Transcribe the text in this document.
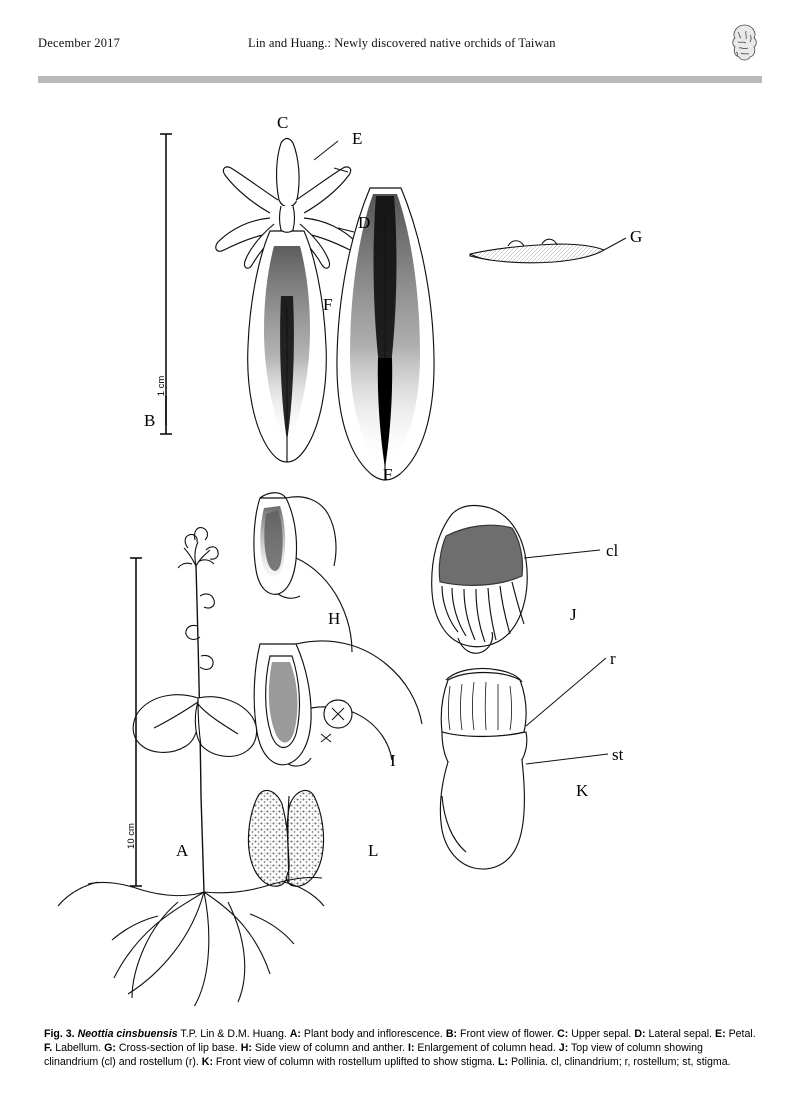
December 2017	Lin and Huang.: Newly discovered native orchids of Taiwan
1 cm
10 cm
C
E
D
F
G
F
B
H
I
L
A
J
K
cl
r
st
Fig. 3. Neottia cinsbuensis T.P. Lin & D.M. Huang. A: Plant body and inflorescence. B: Front view of flower. C: Upper sepal. D: Lateral sepal. E: Petal. F. Labellum. G: Cross-section of lip base. H: Side view of column and anther. I: Enlargement of column head. J: Top view of column showing clinandrium (cl) and rostellum (r). K: Front view of column with rostellum uplifted to show stigma. L: Pollinia. cl, clinandrium; r, rostellum; st, stigma.
